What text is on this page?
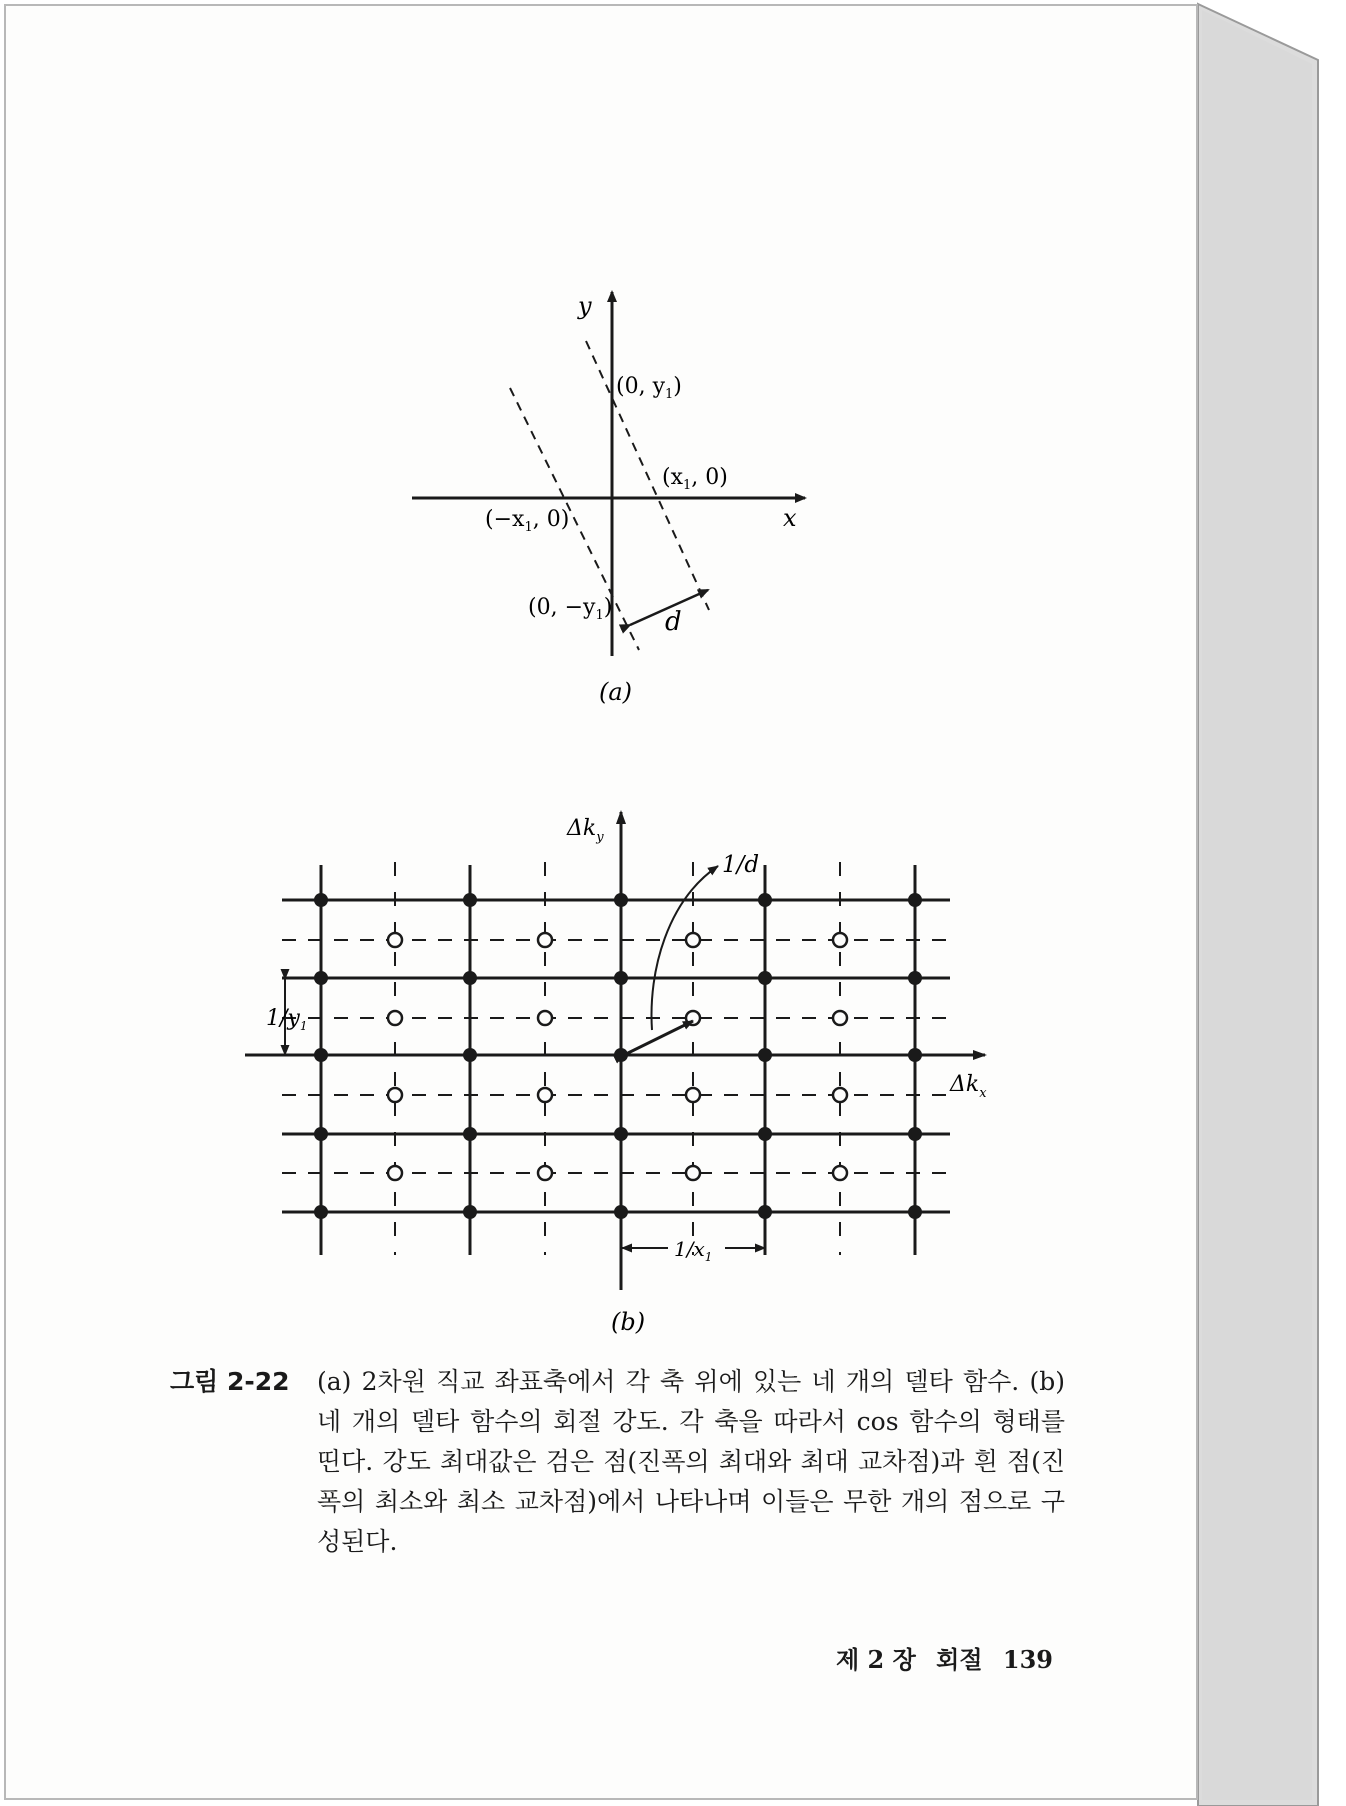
y
x
(0, $y_1$)
($x_1$, 0)
($-x_1$, 0)
(0, $-y_1$) d
(a)
$\Delta k_y$
$\Delta k_x$
1/d
$1/y_1$
$1/x_1$
(b)
그림 2-22 (a) 2차원 직교 좌표축에서 각 축 위에 있는 네 개의 델타 함수. (b) 네 개의 델타 함수의 회절 강도. 각 축을 따라서 cos 함수의 형태를 띤다. 강도 최대값은 검은 점(진폭의 최대와 최대 교차점)과 흰 점(진폭의 최소와 최소 교차점)에서 나타나며 이들은 무한 개의 점으로 구성된다.
제 2 장 회절 139
